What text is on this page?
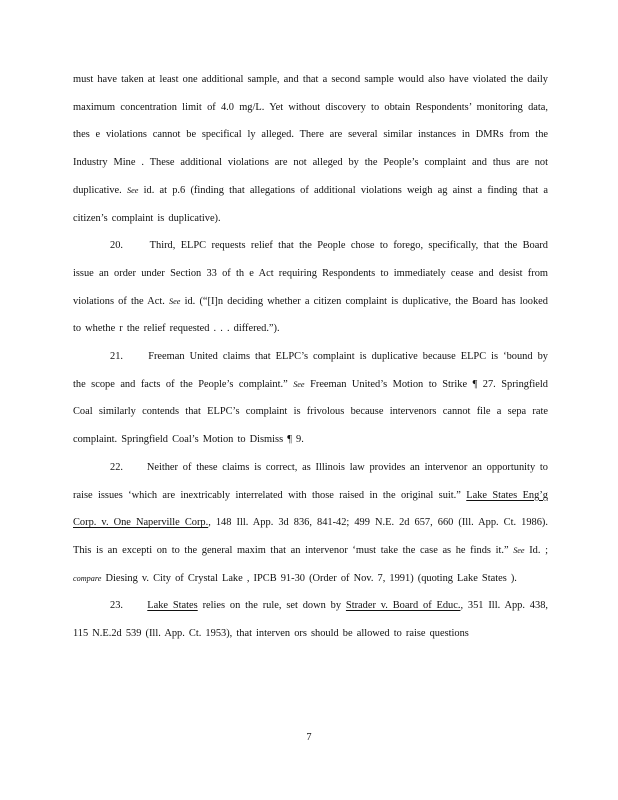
must have taken at least one additional sample, and that a second sample would also have violated the daily maximum concentration limit of 4.0 mg/L. Yet without discovery to obtain Respondents’ monitoring data, thes e violations cannot be specifical ly alleged. There are several similar instances in DMRs from the Industry Mine . These additional violations are not alleged by the People’s complaint and thus are not duplicative. See id. at p.6 (finding that allegations of additional violations weigh ag ainst a finding that a citizen’s complaint is duplicative).

20.	Third, ELPC requests relief that the People chose to forego, specifically, that the Board issue an order under Section 33 of th e Act requiring Respondents to immediately cease and desist from violations of the Act. See id. (“[I]n deciding whether a citizen complaint is duplicative, the Board has looked to whethe r the relief requested . . . differed.”).

21. Freeman United claims that ELPC’s complaint is duplicative because ELPC is ‘bound by the scope and facts of the People’s complaint.” See Freeman United’s Motion to Strike ¶ 27. Springfield Coal similarly contends that ELPC’s complaint is frivolous because intervenors cannot file a sepa rate complaint. Springfield Coal’s Motion to Dismiss ¶ 9.

22. Neither of these claims is correct, as Illinois law provides an intervenor an opportunity to raise issues ‘which are inextricably interrelated with those raised in the original suit.” Lake States Eng’g Corp. v. One Naperville Corp., 148 Ill. App. 3d 836, 841-42; 499 N.E. 2d 657, 660 (Ill. App. Ct. 1986). This is an excepti on to the general maxim that an intervenor ‘must take the case as he finds it.” See Id. ; compare Diesing v. City of Crystal Lake , IPCB 91-30 (Order of Nov. 7, 1991) (quoting Lake States ).

23. Lake States relies on the rule, set down by Strader v. Board of Educ., 351 Ill. App. 438, 115 N.E.2d 539 (Ill. App. Ct. 1953), that interven ors should be allowed to raise questions

7
